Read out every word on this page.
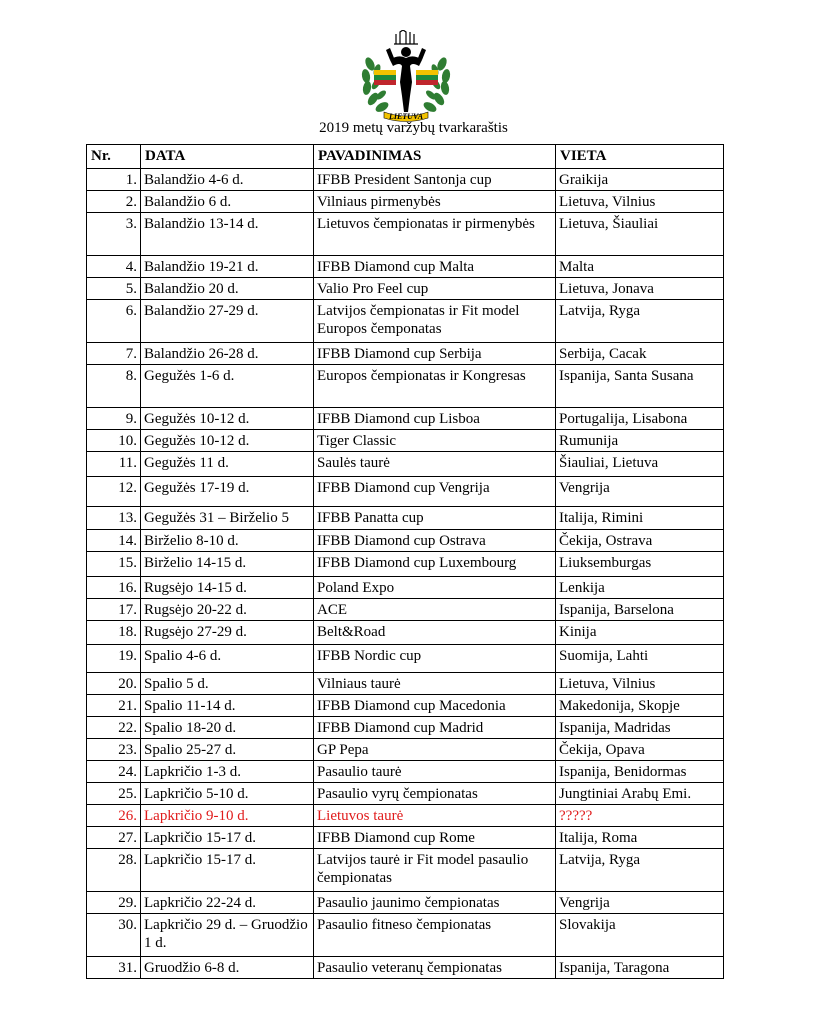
LIETUVA
2019 metų varžybų tvarkaraštis
Nr.	DATA	PAVADINIMAS	VIETA
1.	Balandžio 4-6 d.	IFBB President Santonja cup	Graikija
2.	Balandžio 6 d.	Vilniaus pirmenybės	Lietuva, Vilnius
3.	Balandžio 13-14 d.	Lietuvos čempionatas ir pirmenybės	Lietuva, Šiauliai
4.	Balandžio 19-21 d.	IFBB Diamond cup Malta	Malta
5.	Balandžio 20 d.	Valio Pro Feel cup	Lietuva, Jonava
6.	Balandžio 27-29 d.	Latvijos čempionatas ir Fit model Europos čemponatas	Latvija, Ryga
7.	Balandžio 26-28 d.	IFBB Diamond cup Serbija	Serbija, Cacak
8.	Gegužės 1-6 d.	Europos čempionatas ir Kongresas	Ispanija, Santa Susana
9.	Gegužės 10-12 d.	IFBB Diamond cup Lisboa	Portugalija, Lisabona
10.	Gegužės 10-12 d.	Tiger Classic	Rumunija
11.	Gegužės 11 d.	Saulės taurė	Šiauliai, Lietuva
12.	Gegužės 17-19 d.	IFBB Diamond cup Vengrija	Vengrija
13.	Gegužės 31 – Birželio 5	IFBB Panatta cup	Italija, Rimini
14.	Birželio 8-10 d.	IFBB Diamond cup Ostrava	Čekija, Ostrava
15.	Birželio 14-15 d.	IFBB Diamond cup Luxembourg	Liuksemburgas
16.	Rugsėjo 14-15 d.	Poland Expo	Lenkija
17.	Rugsėjo 20-22 d.	ACE	Ispanija, Barselona
18.	Rugsėjo 27-29 d.	Belt&Road	Kinija
19.	Spalio 4-6 d.	IFBB Nordic cup	Suomija, Lahti
20.	Spalio 5 d.	Vilniaus taurė	Lietuva, Vilnius
21.	Spalio 11-14 d.	IFBB Diamond cup Macedonia	Makedonija, Skopje
22.	Spalio 18-20 d.	IFBB Diamond cup Madrid	Ispanija, Madridas
23.	Spalio 25-27 d.	GP Pepa	Čekija, Opava
24.	Lapkričio 1-3 d.	Pasaulio taurė	Ispanija, Benidormas
25.	Lapkričio 5-10 d.	Pasaulio vyrų čempionatas	Jungtiniai Arabų Emi.
26.	Lapkričio 9-10 d.	Lietuvos taurė	?????
27.	Lapkričio 15-17 d.	IFBB Diamond cup Rome	Italija, Roma
28.	Lapkričio 15-17 d.	Latvijos taurė ir Fit model pasaulio čempionatas	Latvija, Ryga
29.	Lapkričio 22-24 d.	Pasaulio jaunimo čempionatas	Vengrija
30.	Lapkričio 29 d. – Gruodžio 1 d.	Pasaulio fitneso čempionatas	Slovakija
31.	Gruodžio 6-8 d.	Pasaulio veteranų čempionatas	Ispanija, Taragona
